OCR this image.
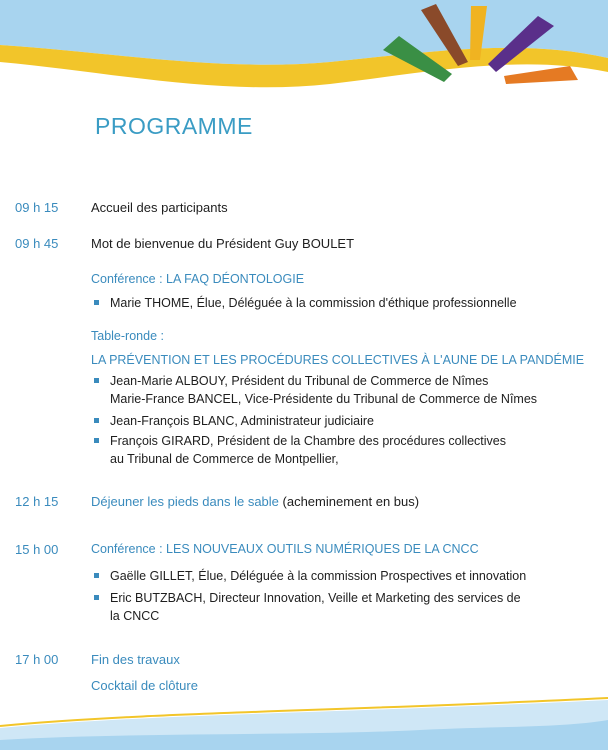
PROGRAMME
09 h 15	Accueil des participants
09 h 45	Mot de bienvenue du Président Guy BOULET
Conférence : LA FAQ DÉONTOLOGIE
Marie THOME, Élue, Déléguée à la commission d'éthique professionnelle
Table-ronde :
LA PRÉVENTION ET LES PROCÉDURES COLLECTIVES À L'AUNE DE LA PANDÉMIE
Jean-Marie ALBOUY, Président du Tribunal de Commerce de Nîmes
Marie-France BANCEL, Vice-Présidente du Tribunal de Commerce de Nîmes
Jean-François BLANC, Administrateur judiciaire
François GIRARD, Président de la Chambre des procédures collectives
au Tribunal de Commerce de Montpellier,
12 h 15	Déjeuner les pieds dans le sable (acheminement en bus)
15 h 00	Conférence : LES NOUVEAUX OUTILS NUMÉRIQUES DE LA CNCC
Gaëlle GILLET, Élue, Déléguée à la commission Prospectives et innovation
Eric BUTZBACH, Directeur Innovation, Veille et Marketing des services de
la CNCC
17 h 00	Fin des travaux
Cocktail de clôture
